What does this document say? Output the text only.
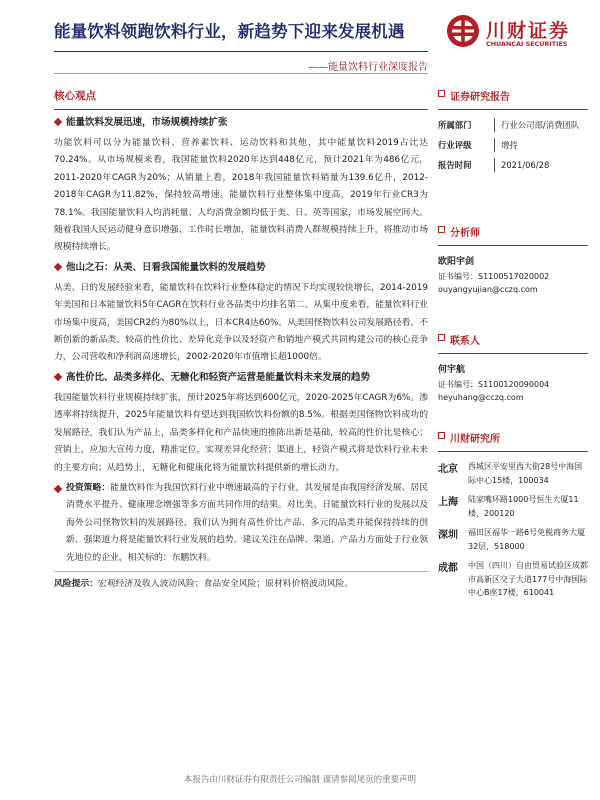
能量饮料领跑饮料行业，新趋势下迎来发展机遇
——能量饮料行业深度报告
川财证券
CHUANCAI SECURITIES
核心观点
能量饮料发展迅速，市场规模持续扩张

功能饮料可以分为能量饮料、营养素饮料、运动饮料和其他，其中能量饮料2019占比达70.24%。从市场规模来看，我国能量饮料2020年达到448亿元，预计2021年为486亿元，2011-2020年CAGR为20%；从销量上看，2018年我国能量饮料销量为139.6亿升，2012-2018年CAGR为11.82%，保持较高增速。能量饮料行业整体集中度高，2019年行业CR3为78.1%。我国能量饮料人均消耗量、人均消费金额均低于美、日、英等国家，市场发展空间大。随着我国人民运动健身意识增强、工作时长增加，能量饮料消费人群规模持续上升，将推动市场规模持续增长。

他山之石：从美、日看我国能量饮料的发展趋势

从美、日的发展经验来看，能量饮料在饮料行业整体稳定的情况下均实现较快增长，2014-2019年美国和日本能量饮料5年CAGR在饮料行业各品类中均排名第二。从集中度来看，能量饮料行业市场集中度高，美国CR2约为80%以上，日本CR4达60%。从美国怪物饮料公司发展路径看，不断创新的新品类、较高的性价比、差异化竞争以及轻资产和销地产模式共同构建公司的核心竞争力，公司营收和净利润高速增长，2002-2020年市值增长超1000倍。

高性价比、品类多样化、无糖化和轻资产运营是能量饮料未来发展的趋势

我国能量饮料行业规模持续扩张，预计2025年将达到600亿元，2020-2025年CAGR为6%。渗透率将持续提升，2025年能量饮料有望达到我国软饮料份额的8.5%。根据美国怪物饮料成功的发展路径，我们认为产品上，品类多样化和产品快速的推陈出新是基础，较高的性价比是核心；营销上，应加大宣传力度，精准定位，实现差异化经营；渠道上，轻资产模式将是饮料行业未来的主要方向；从趋势上，无糖化和健康化将为能量饮料提供新的增长动力。

投资策略：能量饮料作为我国饮料行业中增速最高的子行业，其发展是由我国经济发展、居民消费水平提升、健康理念增强等多方面共同作用的结果。对比美、日能量饮料行业的发展以及海外公司怪物饮料的发展路径，我们认为拥有高性价比产品、多元的品类并能保持持续的创新、强渠道力将是能量饮料行业发展的趋势。建议关注在品牌、渠道、产品力方面处于行业领先地位的企业，相关标的：东鹏饮料。

风险提示：宏观经济及收入波动风险；食品安全风险；原材料价格波动风险。
证券研究报告
所属部门	行业公司部/消费团队
行业评级	增持
报告时间	2021/06/28
分析师
欧阳宇剑
证书编号：S1100517020002
ouyangyujian@cczq.com
联系人
何宇航
证书编号：S1100120090004
heyuhang@cczq.com
川财研究所
北京	西城区平安里西大街28号中海国际中心15楼，100034
上海	陆家嘴环路1000号恒生大厦11楼，200120
深圳	福田区福华一路6号免税商务大厦32层，518000
成都	中国（四川）自由贸易试验区成都市高新区交子大道177号中海国际中心B座17楼，610041
本报告由川财证券有限责任公司编制 谨请参阅尾页的重要声明
